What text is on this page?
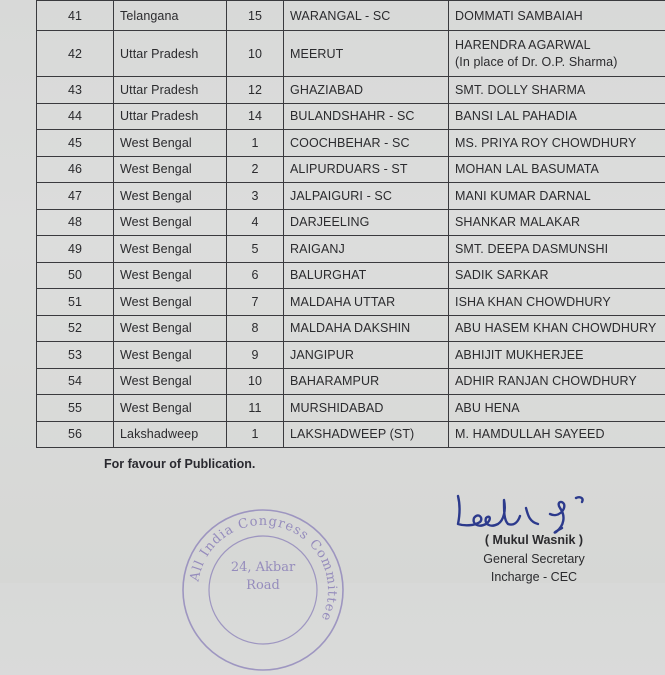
41	Telangana	15	WARANGAL - SC	DOMMATI SAMBAIAH
42	Uttar Pradesh	10	MEERUT	HARENDRA AGARWAL
(In place of Dr. O.P. Sharma)

43	Uttar Pradesh	12	GHAZIABAD	SMT. DOLLY SHARMA
44	Uttar Pradesh	14	BULANDSHAHR - SC	BANSI LAL PAHADIA
45	West Bengal	1	COOCHBEHAR - SC	MS. PRIYA ROY CHOWDHURY
46	West Bengal	2	ALIPURDUARS - ST	MOHAN LAL BASUMATA
47	West Bengal	3	JALPAIGURI - SC	MANI KUMAR DARNAL
48	West Bengal	4	DARJEELING	SHANKAR MALAKAR
49	West Bengal	5	RAIGANJ	SMT. DEEPA DASMUNSHI
50	West Bengal	6	BALURGHAT	SADIK SARKAR
51	West Bengal	7	MALDAHA UTTAR	ISHA KHAN CHOWDHURY
52	West Bengal	8	MALDAHA DAKSHIN	ABU HASEM KHAN CHOWDHURY
53	West Bengal	9	JANGIPUR	ABHIJIT MUKHERJEE
54	West Bengal	10	BAHARAMPUR	ADHIR RANJAN CHOWDHURY
55	West Bengal	11	MURSHIDABAD	ABU HENA
56	Lakshadweep	1	LAKSHADWEEP (ST)	M. HAMDULLAH SAYEED
For favour of Publication.
All India Congress Committee
24, Akbar
Road
( Mukul Wasnik )
General Secretary
Incharge - CEC
